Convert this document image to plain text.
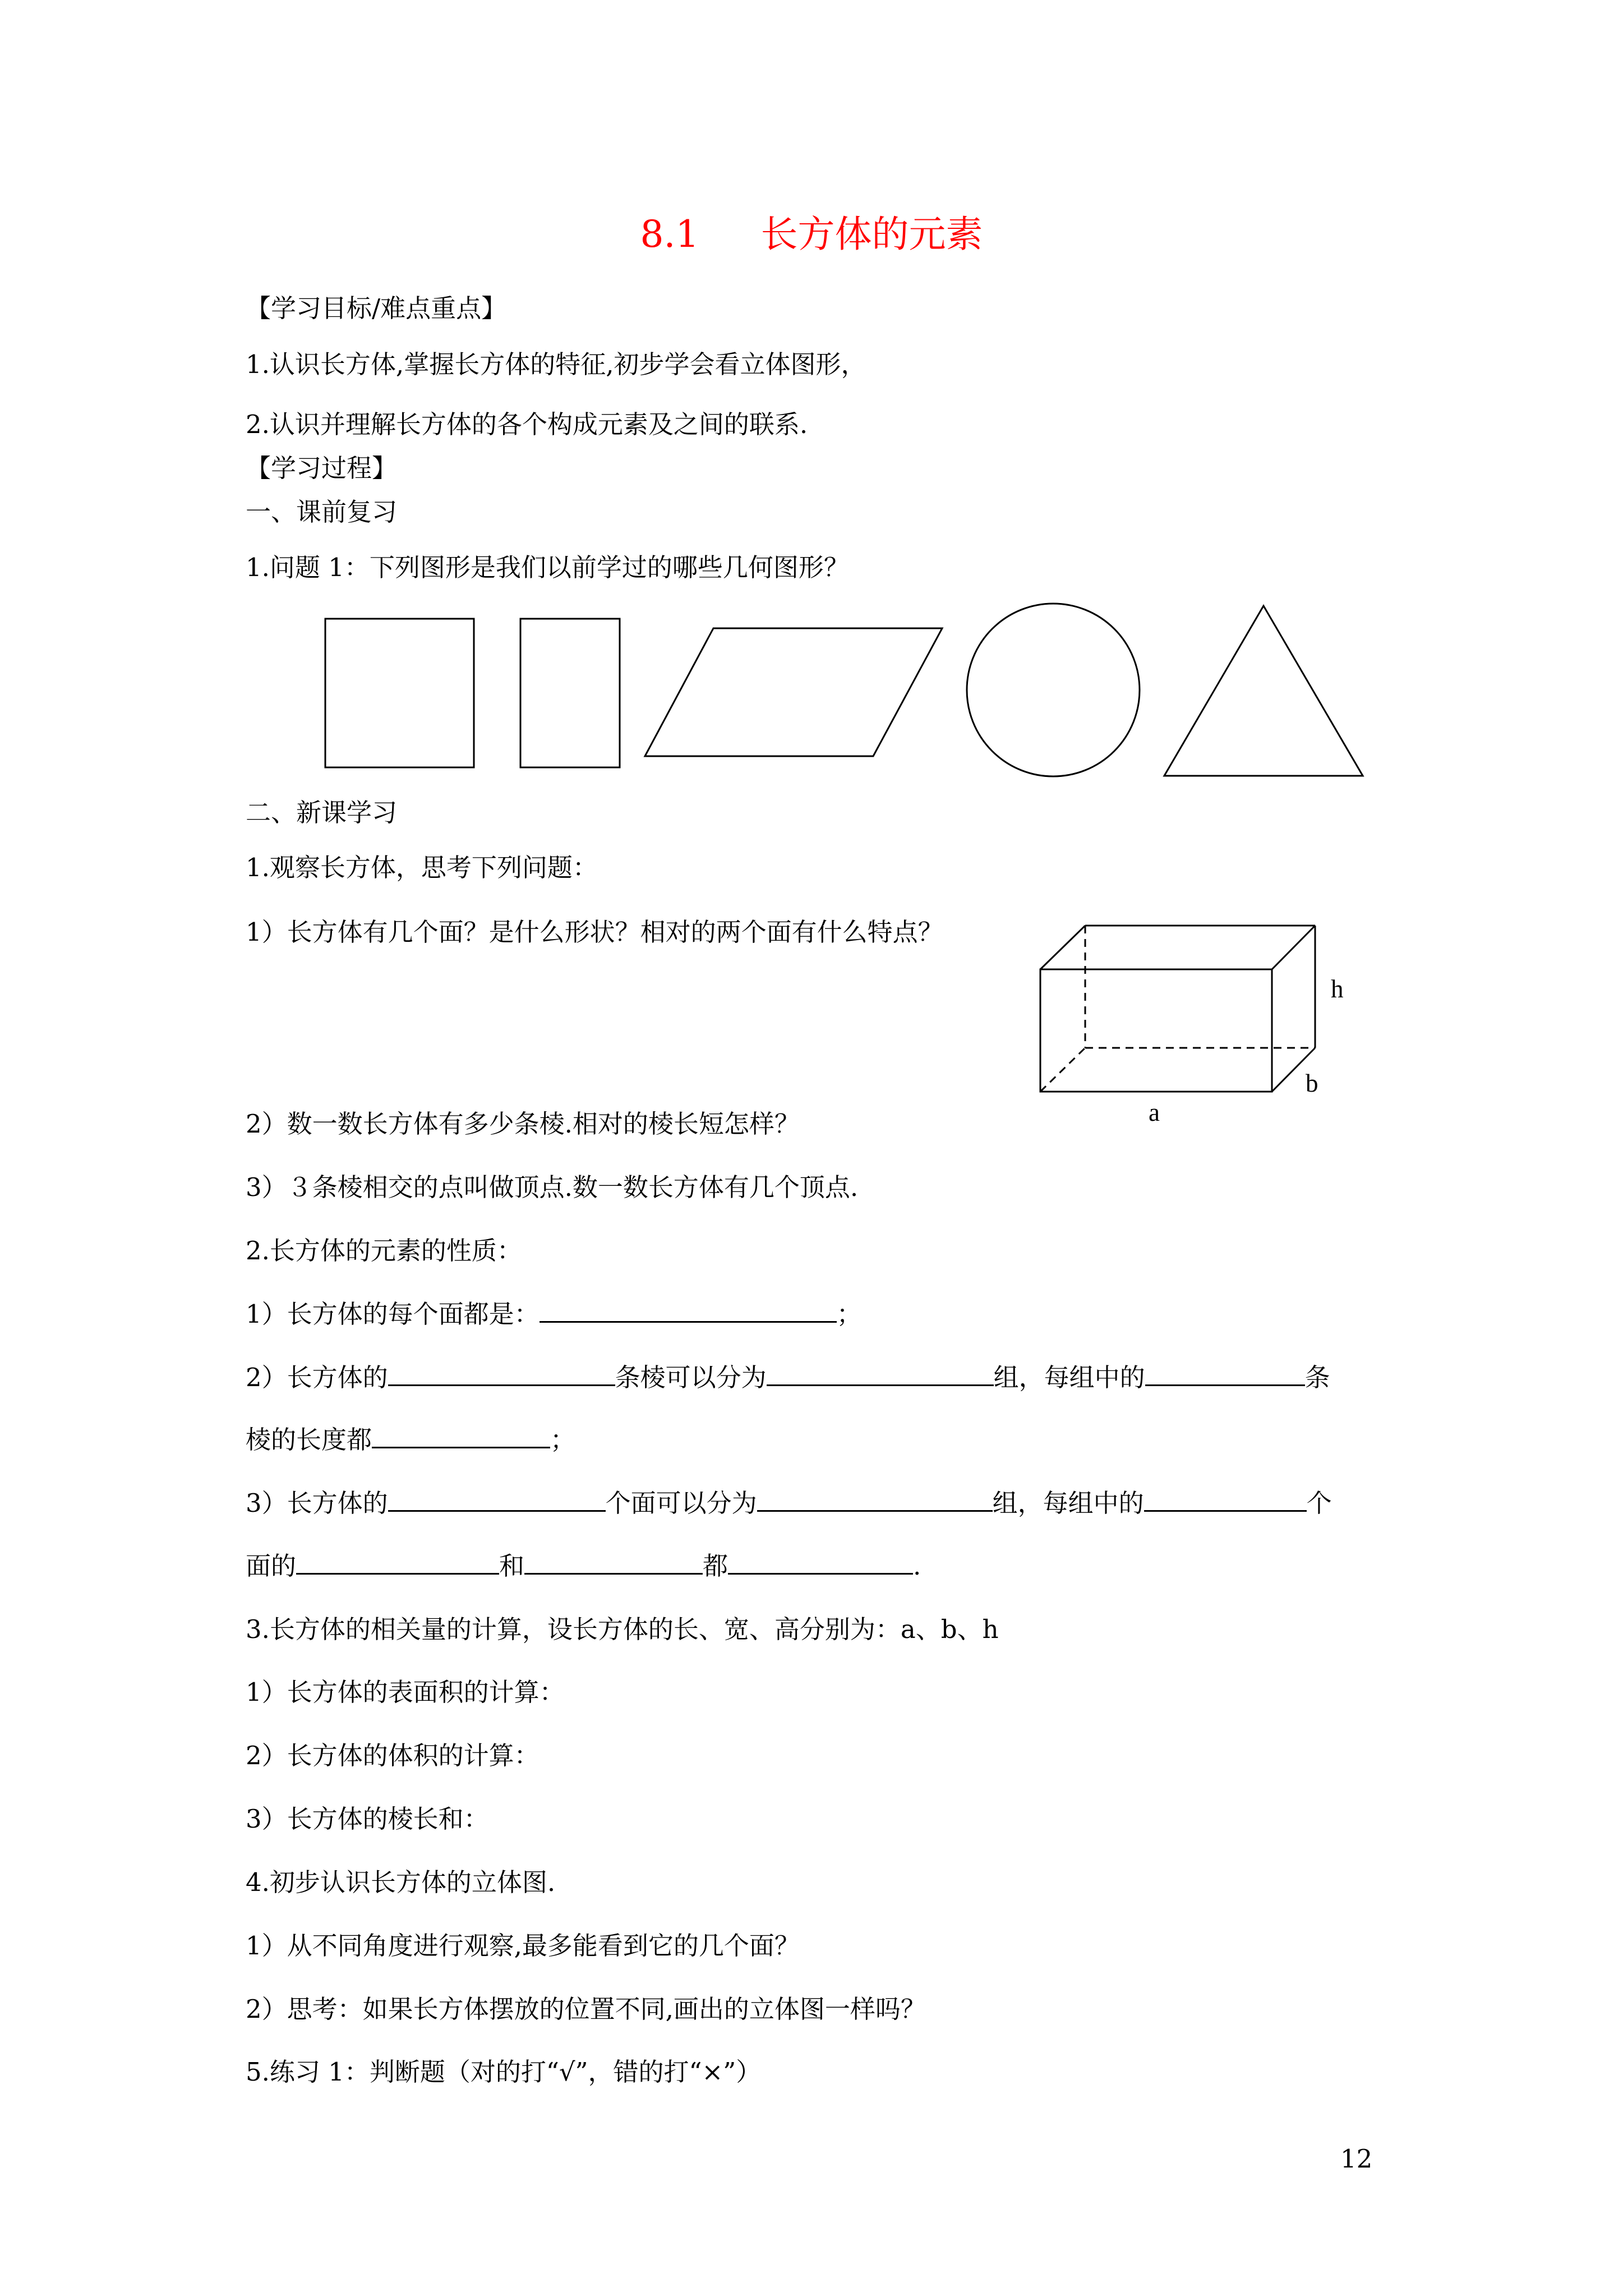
8.1 长方体的元素
【学习目标/难点重点】
1.认识长方体,掌握长方体的特征,初步学会看立体图形，
2.认识并理解长方体的各个构成元素及之间的联系.
【学习过程】
一、课前复习
1.问题 1：下列图形是我们以前学过的哪些几何图形？
h
b
a
二、新课学习
1.观察长方体，思考下列问题：
1）长方体有几个面？是什么形状？相对的两个面有什么特点？
2）数一数长方体有多少条棱.相对的棱长短怎样？
3）３条棱相交的点叫做顶点.数一数长方体有几个顶点.
2.长方体的元素的性质：
1）长方体的每个面都是：	；
2）长方体的	条棱可以分为	组，每组中的	条
棱的长度都	；
3）长方体的	个面可以分为	组，每组中的	个
面的	和	都	.
3.长方体的相关量的计算，设长方体的长、宽、高分别为：a、b、h
1）长方体的表面积的计算：
2）长方体的体积的计算：
3）长方体的棱长和：
4.初步认识长方体的立体图.
1）从不同角度进行观察,最多能看到它的几个面？
2）思考：如果长方体摆放的位置不同,画出的立体图一样吗？
5.练习 1：判断题（对的打“√”，错的打“×”）
12
